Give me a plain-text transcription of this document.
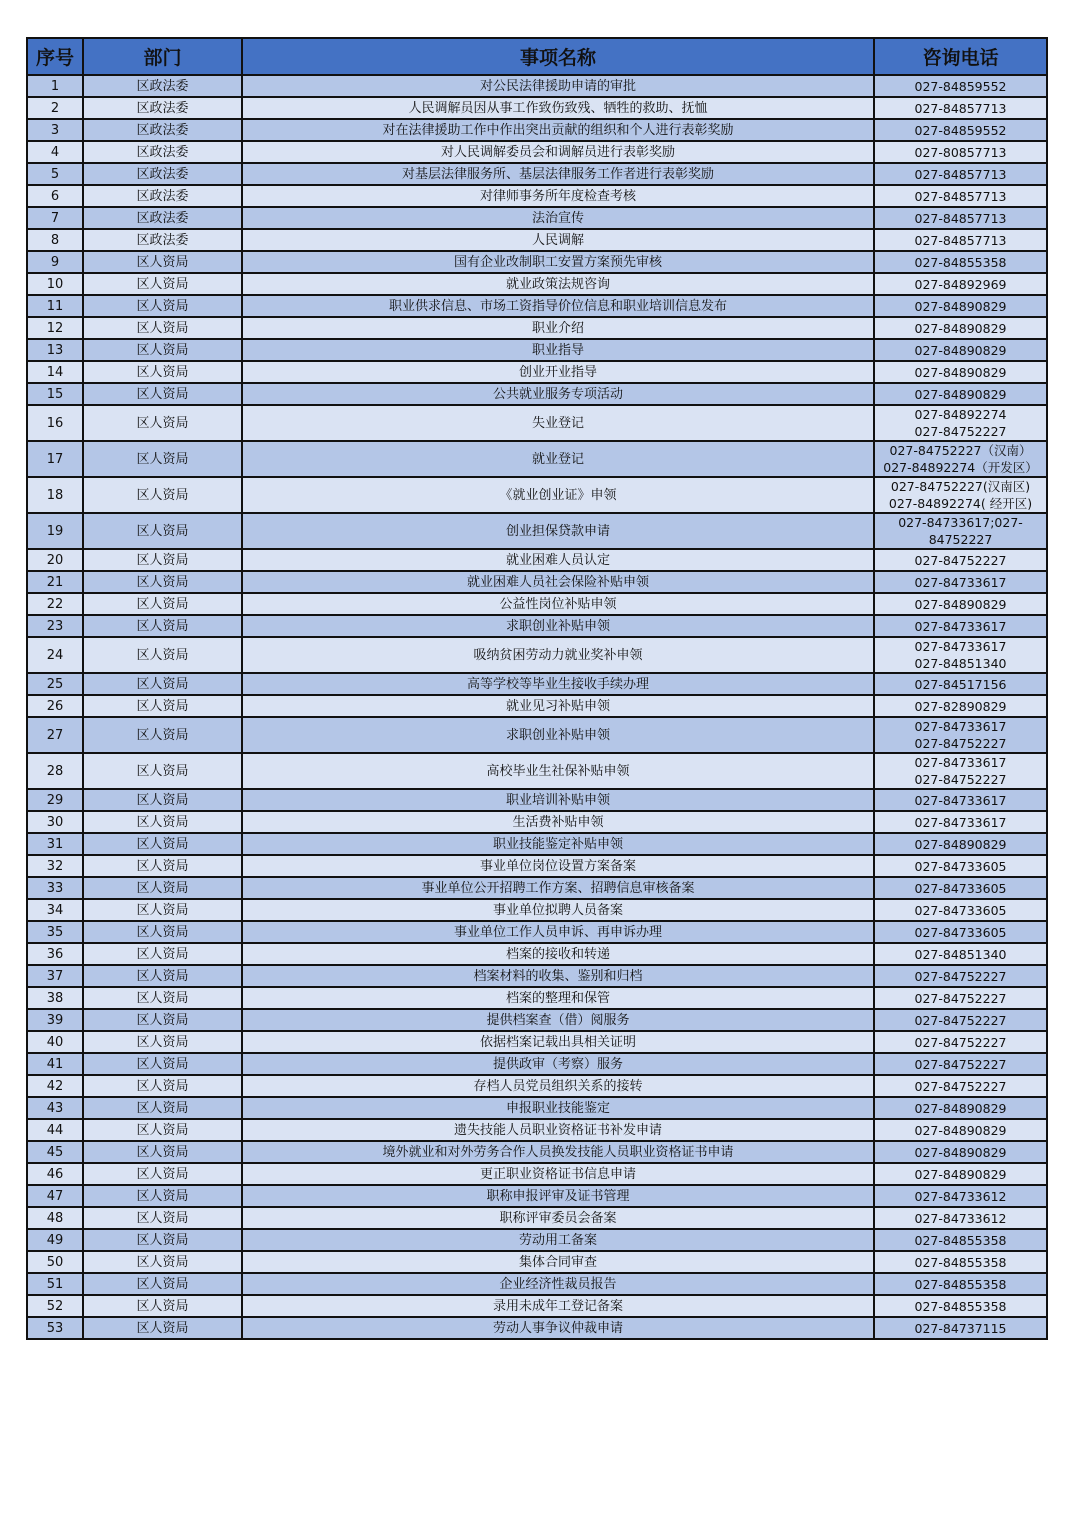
序号	部门	事项名称	咨询电话
1	区政法委	对公民法律援助申请的审批	027-84859552

2	区政法委	人民调解员因从事工作致伤致残、牺牲的救助、抚恤	027-84857713

3	区政法委	对在法律援助工作中作出突出贡献的组织和个人进行表彰奖励	027-84859552

4	区政法委	对人民调解委员会和调解员进行表彰奖励	027-80857713

5	区政法委	对基层法律服务所、基层法律服务工作者进行表彰奖励	027-84857713

6	区政法委	对律师事务所年度检查考核	027-84857713

7	区政法委	法治宣传	027-84857713

8	区政法委	人民调解	027-84857713

9	区人资局	国有企业改制职工安置方案预先审核	027-84855358

10	区人资局	就业政策法规咨询	027-84892969

11	区人资局	职业供求信息、市场工资指导价位信息和职业培训信息发布	027-84890829

12	区人资局	职业介绍	027-84890829

13	区人资局	职业指导	027-84890829

14	区人资局	创业开业指导	027-84890829

15	区人资局	公共就业服务专项活动	027-84890829

16	区人资局	失业登记	027-84892274
027-84752227

17	区人资局	就业登记	027-84752227（汉南）
027-84892274（开发区）

18	区人资局	《就业创业证》申领	027-84752227(汉南区)
027-84892274( 经开区)

19	区人资局	创业担保贷款申请	027-84733617;027-
84752227

20	区人资局	就业困难人员认定	027-84752227

21	区人资局	就业困难人员社会保险补贴申领	027-84733617

22	区人资局	公益性岗位补贴申领	027-84890829

23	区人资局	求职创业补贴申领	027-84733617

24	区人资局	吸纳贫困劳动力就业奖补申领	027-84733617
027-84851340

25	区人资局	高等学校等毕业生接收手续办理	027-84517156

26	区人资局	就业见习补贴申领	027-82890829

27	区人资局	求职创业补贴申领	027-84733617
027-84752227

28	区人资局	高校毕业生社保补贴申领	027-84733617
027-84752227

29	区人资局	职业培训补贴申领	027-84733617

30	区人资局	生活费补贴申领	027-84733617

31	区人资局	职业技能鉴定补贴申领	027-84890829

32	区人资局	事业单位岗位设置方案备案	027-84733605

33	区人资局	事业单位公开招聘工作方案、招聘信息审核备案	027-84733605

34	区人资局	事业单位拟聘人员备案	027-84733605

35	区人资局	事业单位工作人员申诉、再申诉办理	027-84733605

36	区人资局	档案的接收和转递	027-84851340

37	区人资局	档案材料的收集、鉴别和归档	027-84752227

38	区人资局	档案的整理和保管	027-84752227

39	区人资局	提供档案查（借）阅服务	027-84752227

40	区人资局	依据档案记载出具相关证明	027-84752227

41	区人资局	提供政审（考察）服务	027-84752227

42	区人资局	存档人员党员组织关系的接转	027-84752227

43	区人资局	申报职业技能鉴定	027-84890829

44	区人资局	遗失技能人员职业资格证书补发申请	027-84890829

45	区人资局	境外就业和对外劳务合作人员换发技能人员职业资格证书申请	027-84890829

46	区人资局	更正职业资格证书信息申请	027-84890829

47	区人资局	职称申报评审及证书管理	027-84733612

48	区人资局	职称评审委员会备案	027-84733612

49	区人资局	劳动用工备案	027-84855358

50	区人资局	集体合同审查	027-84855358

51	区人资局	企业经济性裁员报告	027-84855358

52	区人资局	录用未成年工登记备案	027-84855358

53	区人资局	劳动人事争议仲裁申请	027-84737115
